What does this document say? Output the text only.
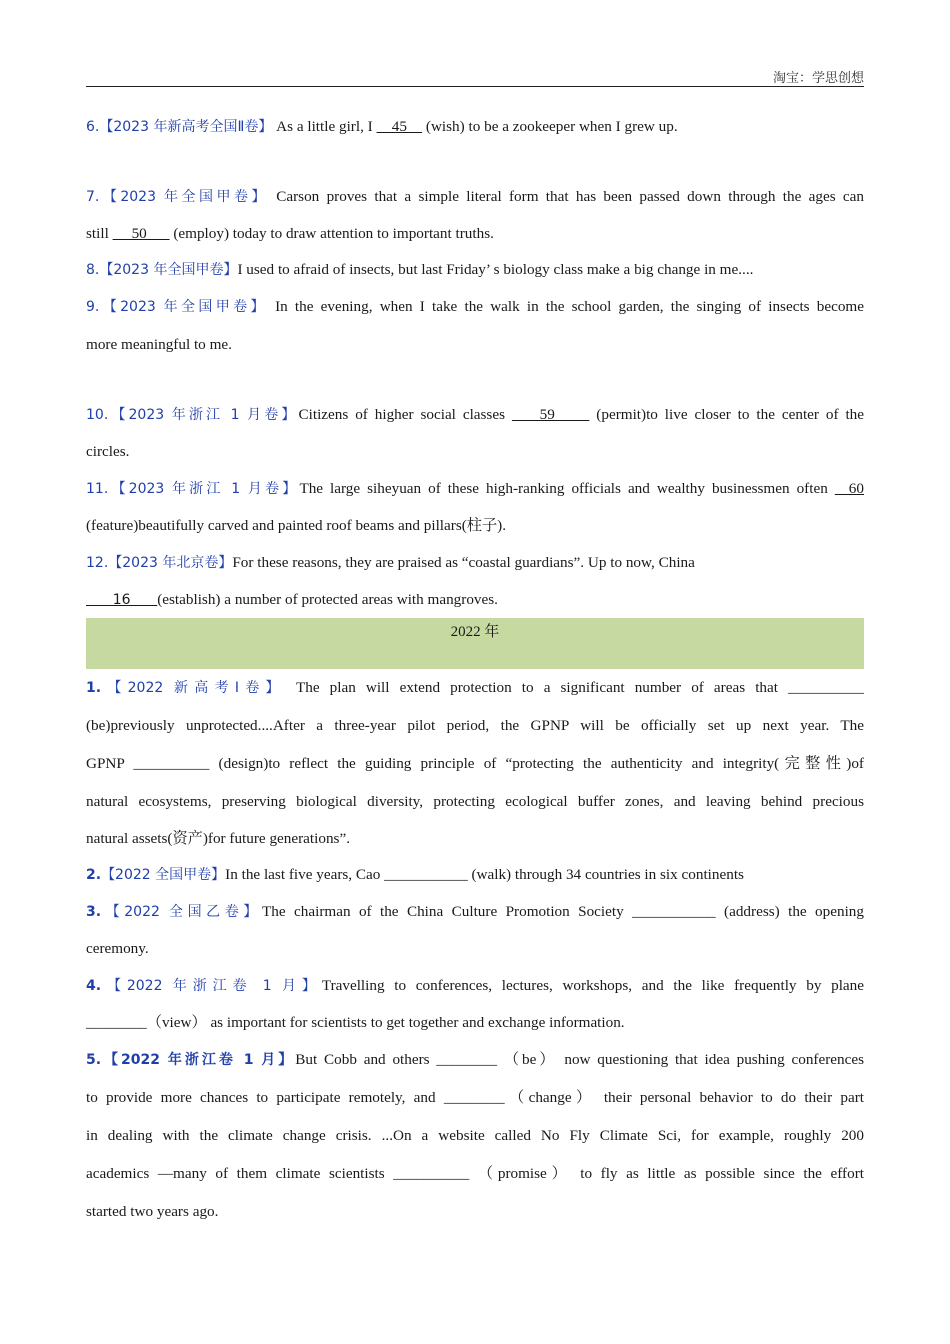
淘宝：学思创想
6.【2023 年新高考全国Ⅱ卷】 As a little girl, I     45     (wish) to be a zookeeper when I grew up.
7.【2023 年全国甲卷】 Carson proves that a simple literal form that has been passed down through the ages can
still      50       (employ) today to draw attention to important truths.
8.【2023 年全国甲卷】I used to afraid of insects, but last Friday’ s biology class make a big change in me....
9.【2023 年全国甲卷】 In the evening, when I take the walk in the school garden, the singing of insects become
more meaningful to me.
10.【2023 年浙江 1 月卷】Citizens of higher social classes     59      (permit)to live closer to the center of the
circles.
11.【2023 年浙江 1 月卷】The large siheyuan of these high-ranking officials and wealthy businessmen often   60
(feature)beautifully carved and painted roof beams and pillars(柱子).
12.【2023 年北京卷】For these reasons, they are praised as “coastal guardians”. Up to now, China
16      (establish) a number of protected areas with mangroves.
2022 年
1.【2022 新高考Ⅰ卷】 The plan will extend protection to a significant number of areas that __________
(be)previously unprotected....After a three-year pilot period, the GPNP will be officially set up next year. The
GPNP __________ (design)to reflect the guiding principle of “protecting the authenticity and integrity(完整性)of
natural ecosystems, preserving biological diversity, protecting ecological buffer zones, and leaving behind precious
natural assets(资产)for future generations”.
2.【2022 全国甲卷】In the last five years, Cao ___________ (walk) through 34 countries in six continents
3.【2022 全国乙卷】The chairman of the China Culture Promotion Society ___________ (address) the opening
ceremony.
4.【2022 年浙江卷 1 月】Travelling to conferences, lectures, workshops, and the like frequently by plane
________（view） as important for scientists to get together and exchange information.
5.【2022 年浙江卷 1 月】But Cobb and others ________ （be） now questioning that idea pushing conferences
to provide more chances to participate remotely, and ________（change） their personal behavior to do their part
in dealing with the climate change crisis. ...On a website called No Fly Climate Sci, for example, roughly 200
academics —many of them climate scientists __________ （promise） to fly as little as possible since the effort
started two years ago.
